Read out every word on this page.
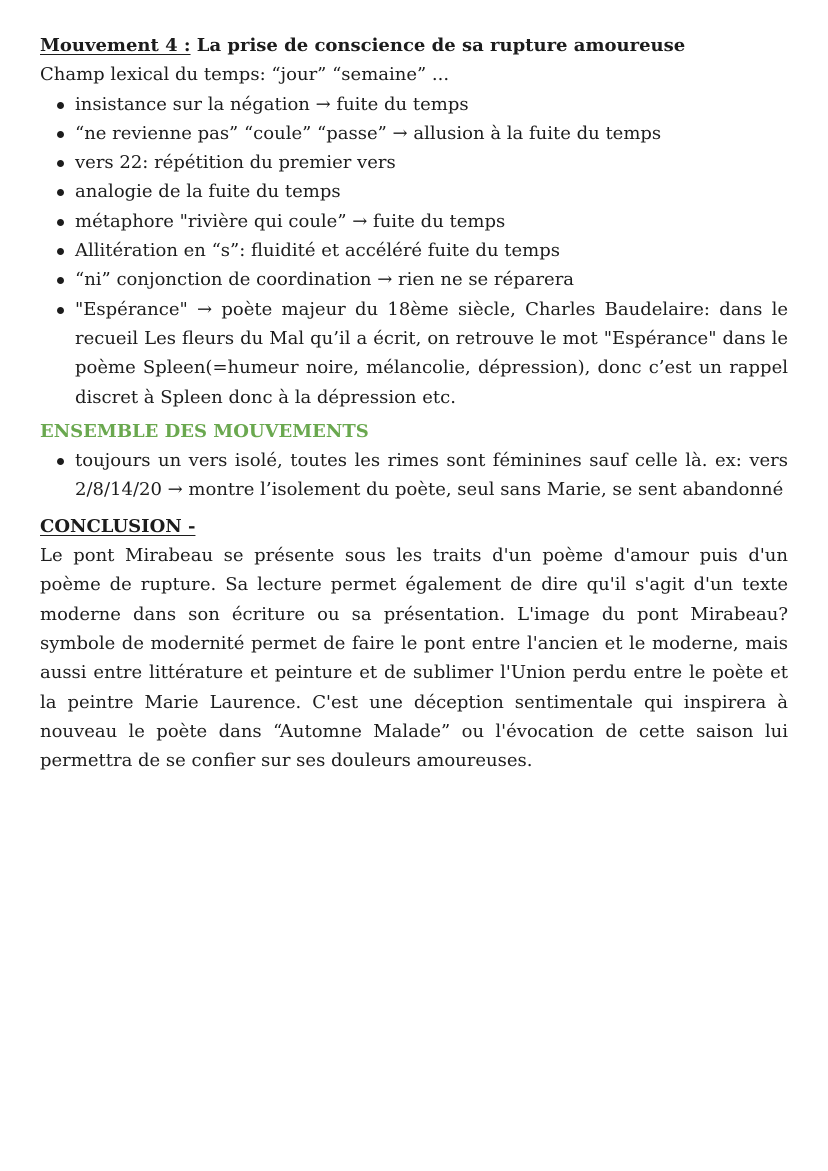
Mouvement 4 : La prise de conscience de sa rupture amoureuse

Champ lexical du temps: “jour” “semaine” ...

insistance sur la négation → fuite du temps
“ne revienne pas” “coule” “passe” → allusion à la fuite du temps
vers 22: répétition du premier vers
analogie de la fuite du temps
métaphore "rivière qui coule” → fuite du temps
Allitération en “s”: fluidité et accéléré fuite du temps
“ni” conjonction de coordination → rien ne se réparera
"Espérance" → poète majeur du 18ème siècle, Charles Baudelaire: dans le recueil Les fleurs du Mal qu’il a écrit, on retrouve le mot "Espérance" dans le poème Spleen(=humeur noire, mélancolie, dépression), donc c’est un rappel discret à Spleen donc à la dépression etc.
ENSEMBLE DES MOUVEMENTS
toujours un vers isolé, toutes les rimes sont féminines sauf celle là. ex: vers 2/8/14/20 → montre l’isolement du poète, seul sans Marie, se sent abandonné
CONCLUSION -

Le pont Mirabeau se présente sous les traits d'un poème d'amour puis d'un poème de rupture. Sa lecture permet également de dire qu'il s'agit d'un texte moderne dans son écriture ou sa présentation. L'image du pont Mirabeau? symbole de modernité permet de faire le pont entre l'ancien et le moderne, mais aussi entre littérature et peinture et de sublimer l'Union perdu entre le poète et la peintre Marie Laurence. C'est une déception sentimentale qui inspirera à nouveau le poète dans “Automne Malade” ou l'évocation de cette saison lui permettra de se confier sur ses douleurs amoureuses.
